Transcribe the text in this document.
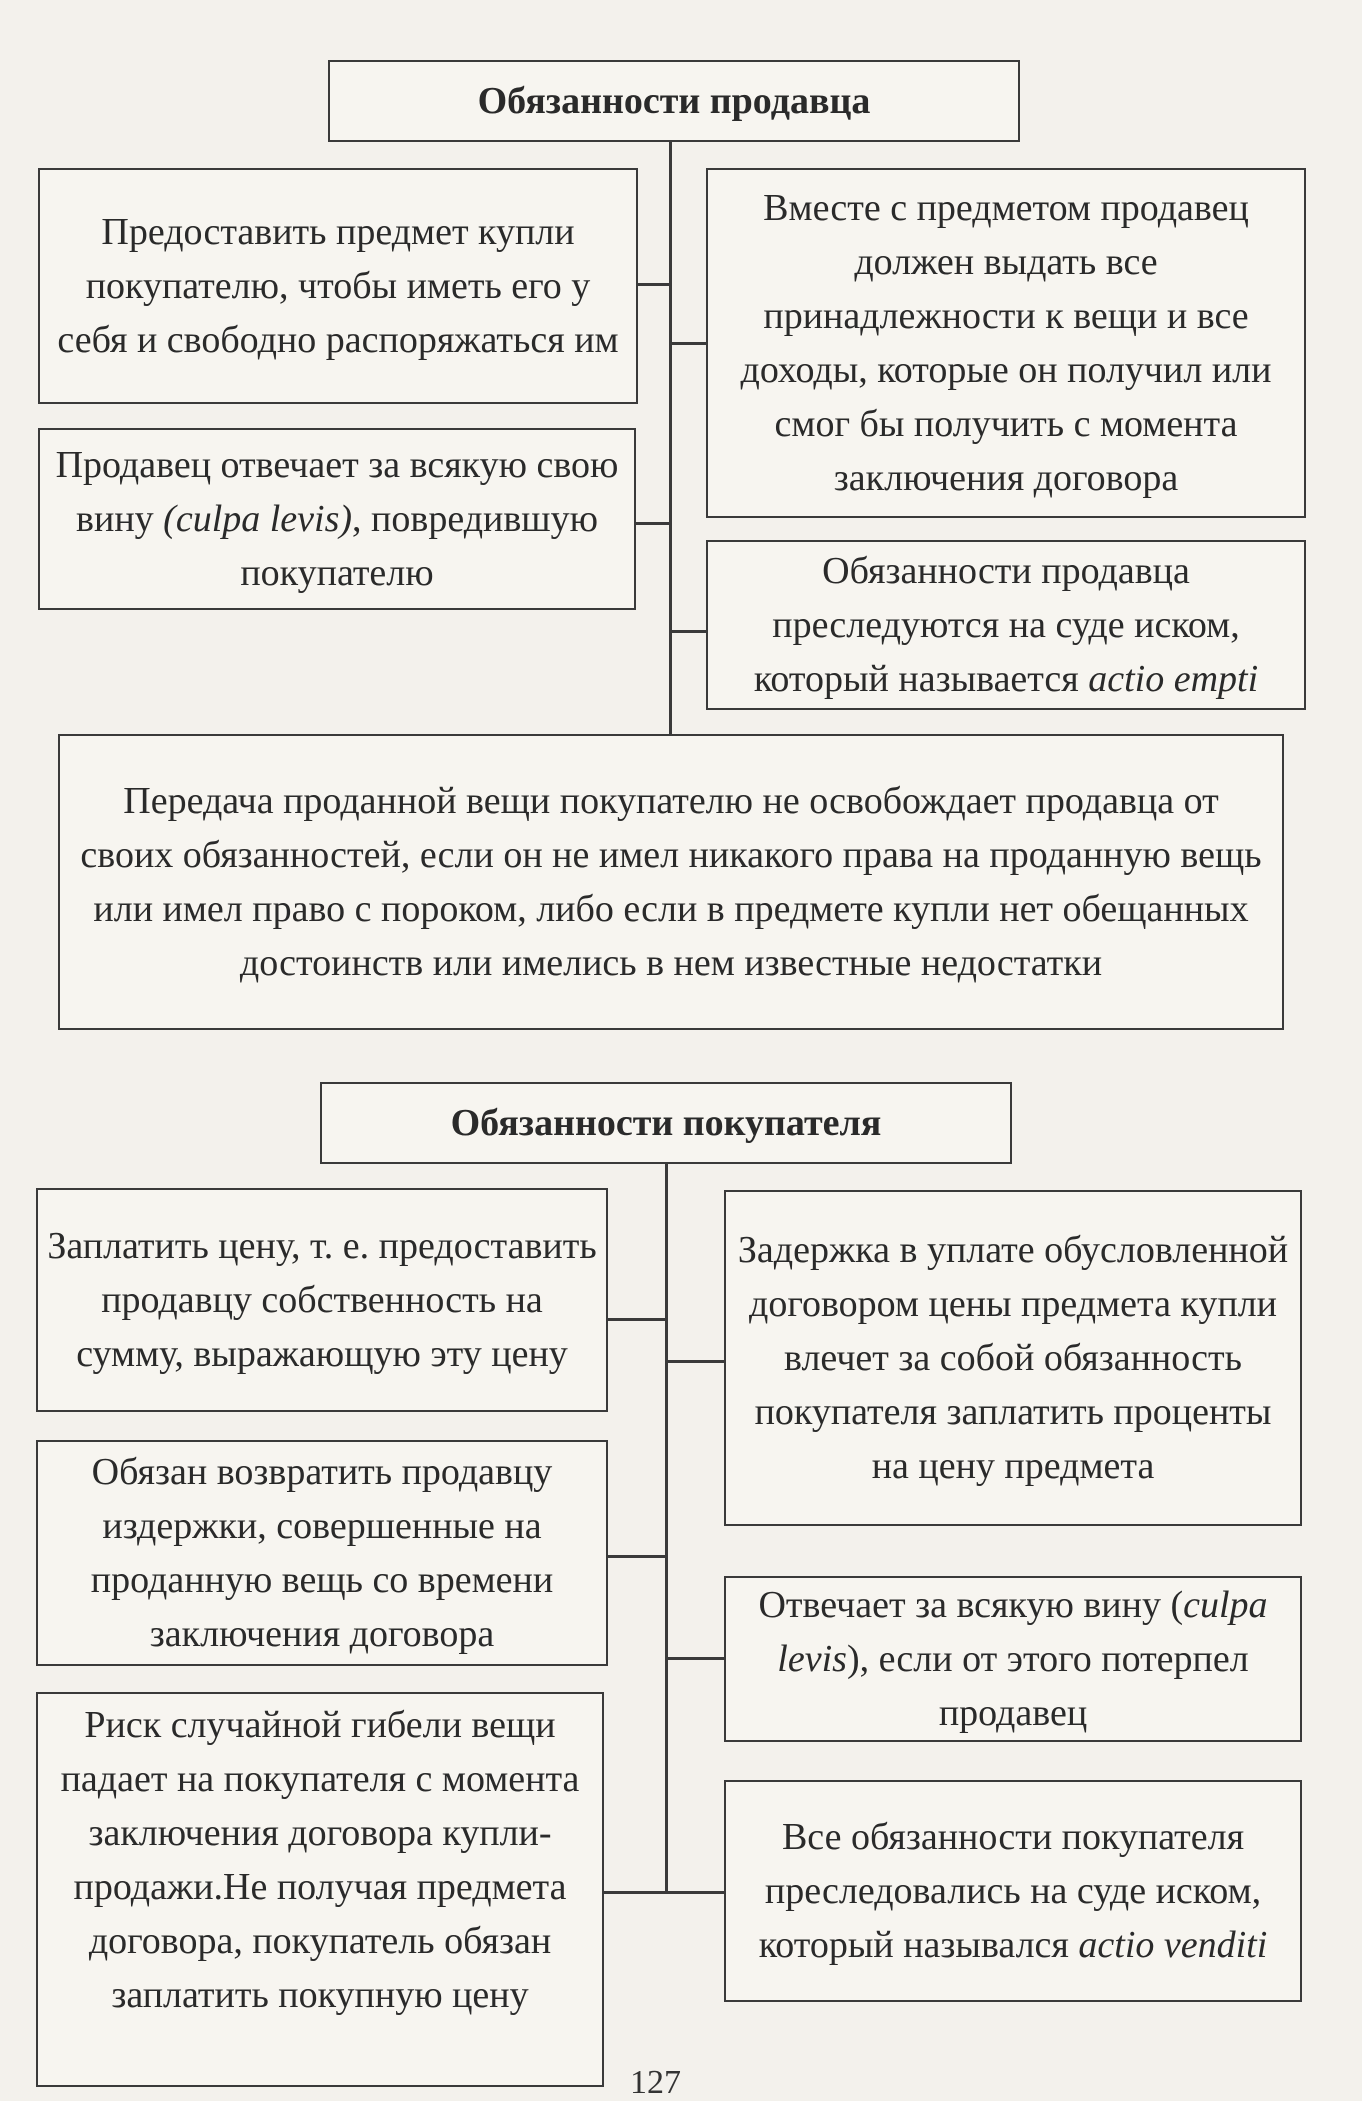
Обязанности продавца
Предоставить предмет купли покупателю, чтобы иметь его у себя и свободно распоряжаться им
Продавец отвечает за всякую свою вину (culpa levis), повредившую покупателю
Вместе с предметом продавец должен выдать все принадлежности к вещи и все доходы, которые он получил или смог бы получить с момента заключения договора
Обязанности продавца преследуются на суде иском, который называется actio empti
Передача проданной вещи покупателю не освобождает продавца от своих обязанностей, если он не имел никакого права на проданную вещь или имел право с пороком, либо если в предмете купли нет обещанных достоинств или имелись в нем известные недостатки
Обязанности покупателя
Заплатить цену, т. е. предоставить продавцу собственность на сумму, выражающую эту цену
Обязан возвратить продавцу издержки, совершенные на проданную вещь со времени заключения договора
Риск случайной гибели вещи падает на покупателя с момента заключения договора купли-продажи.Не получая предмета договора, покупатель обязан заплатить покупную цену
Задержка в уплате обусловленной договором цены предмета купли влечет за собой обязанность покупателя заплатить проценты на цену предмета
Отвечает за всякую вину (culpa levis), если от этого потерпел продавец
Все обязанности покупателя преследовались на суде иском, который назывался actio venditi
127
